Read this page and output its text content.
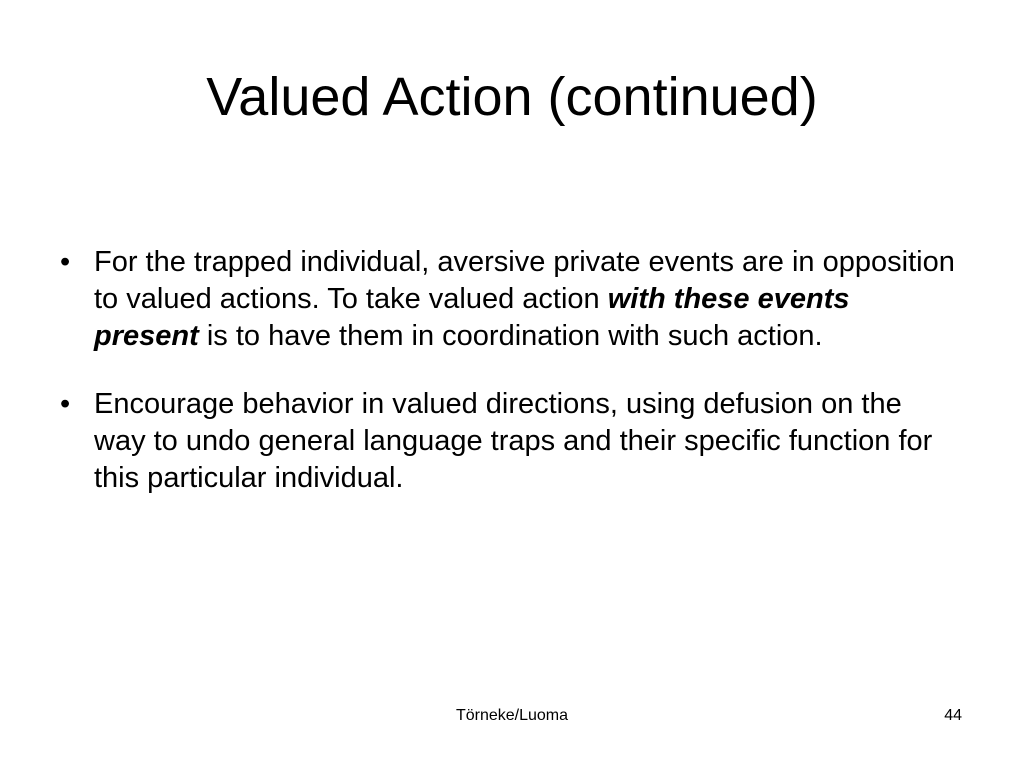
Valued Action (continued)
• For the trapped individual, aversive private events are in opposition to valued actions. To take valued action with these events present is to have them in coordination with such action.
• Encourage behavior in valued directions, using defusion on the way to undo general language traps and their specific function for this particular individual.
Törneke/Luoma	44
